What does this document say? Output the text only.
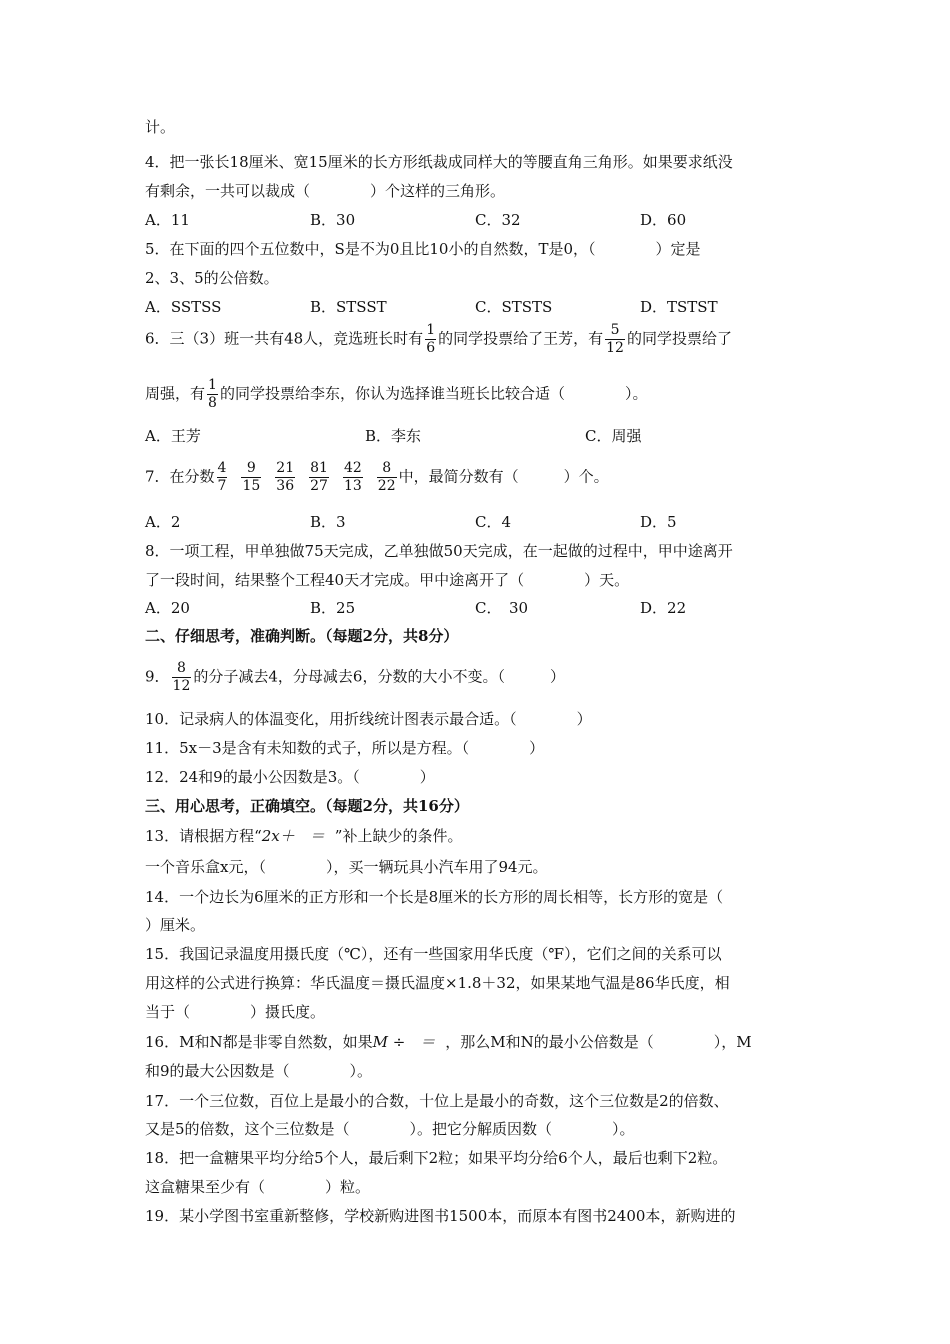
计。
4．把一张长18厘米、宽15厘米的长方形纸裁成同样大的等腰直角三角形。如果要求纸没
有剩余，一共可以裁成（　　　　）个这样的三角形。
A．11	B．30	C．32	D．60
5．在下面的四个五位数中，S是不为0且比10小的自然数，T是0，（　　　　）定是
2、3、5的公倍数。
A．SSTSS	B．STSST	C．STSTS	D．TSTST
6．三（3）班一共有48人，竞选班长时有 $\frac{1}{6}$ 的同学投票给了王芳，有 $\frac{5}{12}$ 的同学投票给了
周强，有 $\frac{1}{8}$ 的同学投票给李东，你认为选择谁当班长比较合适（　　　　）。
A．王芳	B．李东	C．周强
7．在分数 $\frac{4}{7} \frac{9}{15} \frac{21}{36} \frac{81}{27} \frac{42}{13} \frac{8}{22}$ 中，最简分数有（　　　）个。
A．2	B．3	C．4	D．5
8．一项工程，甲单独做75天完成，乙单独做50天完成，在一起做的过程中，甲中途离开
了一段时间，结果整个工程40天才完成。甲中途离开了（　　　　）天。
A．20	B．25	C．　30	D．22
二、仔细思考，准确判断。（每题2分，共8分）
9． $\frac{8}{12}$ 的分子减去4，分母减去6，分数的大小不变。（　　　）
10．记录病人的体温变化，用折线统计图表示最合适。（　　　　）
11．5x－3是含有未知数的式子，所以是方程。（　　　　）
12．24和9的最小公因数是3。（　　　　）
三、用心思考，正确填空。（每题2分，共16分）
13．请根据方程“2x＋　＝ ”补上缺少的条件。
一个音乐盒x元，（　　　　），买一辆玩具小汽车用了94元。
14．一个边长为6厘米的正方形和一个长是8厘米的长方形的周长相等，长方形的宽是（
）厘米。
15．我国记录温度用摄氏度（℃），还有一些国家用华氏度（℉），它们之间的关系可以
用这样的公式进行换算：华氏温度＝摄氏温度×1.8＋32，如果某地气温是86华氏度，相
当于（　　　　）摄氏度。
16．M和N都是非零自然数，如果M ÷　＝ ，那么M和N的最小公倍数是（　　　　），M
和9的最大公因数是（　　　　）。
17．一个三位数，百位上是最小的合数，十位上是最小的奇数，这个三位数是2的倍数、
又是5的倍数，这个三位数是（　　　　）。把它分解质因数（　　　　）。
18．把一盒糖果平均分给5个人，最后剩下2粒；如果平均分给6个人，最后也剩下2粒。
这盒糖果至少有（　　　　）粒。
19．某小学图书室重新整修，学校新购进图书1500本，而原本有图书2400本，新购进的
